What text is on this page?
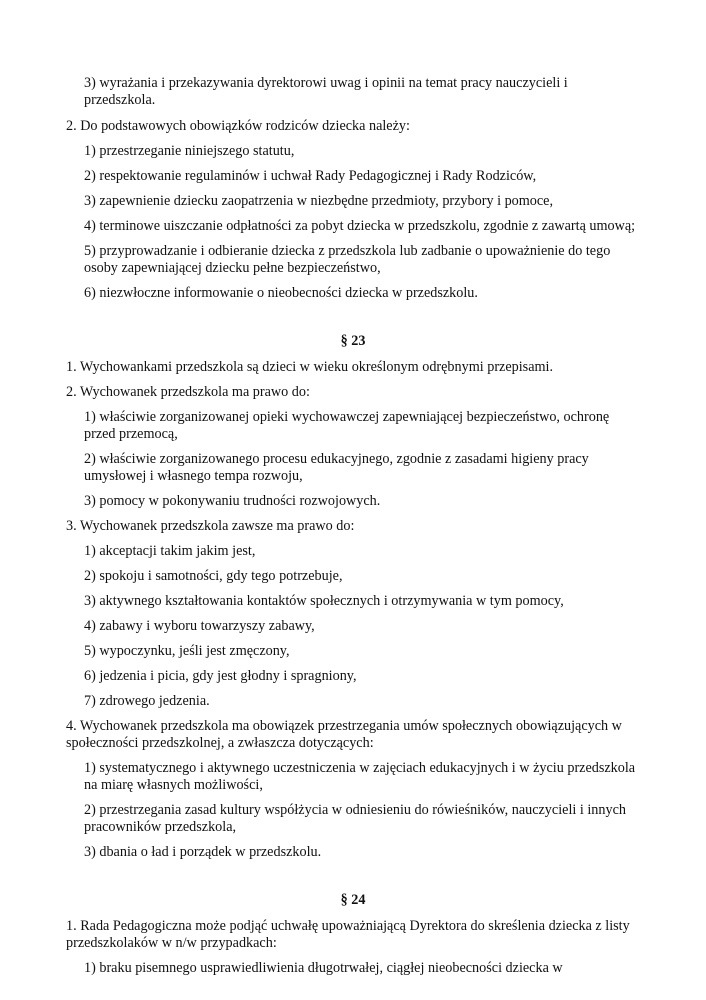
3) wyrażania i przekazywania dyrektorowi uwag i opinii na temat pracy nauczycieli i

przedszkola.

2. Do podstawowych obowiązków rodziców dziecka należy:

1) przestrzeganie niniejszego statutu,

2) respektowanie regulaminów i uchwał Rady Pedagogicznej i Rady Rodziców,

3) zapewnienie dziecku zaopatrzenia w niezbędne przedmioty, przybory i pomoce,

4) terminowe uiszczanie odpłatności za pobyt dziecka w przedszkolu, zgodnie z zawartą umową;

5) przyprowadzanie i odbieranie dziecka z przedszkola lub zadbanie o upoważnienie do tego

osoby zapewniającej dziecku pełne bezpieczeństwo,

6) niezwłoczne informowanie o nieobecności dziecka w przedszkolu.

§ 23

1. Wychowankami przedszkola są dzieci w wieku określonym odrębnymi przepisami.

2. Wychowanek przedszkola ma prawo do:

1) właściwie zorganizowanej opieki wychowawczej zapewniającej bezpieczeństwo, ochronę

przed przemocą,

2) właściwie zorganizowanego procesu edukacyjnego, zgodnie z zasadami higieny pracy

umysłowej i własnego tempa rozwoju,

3) pomocy w pokonywaniu trudności rozwojowych.

3. Wychowanek przedszkola zawsze ma prawo do:

1) akceptacji takim jakim jest,

2) spokoju i samotności, gdy tego potrzebuje,

3) aktywnego kształtowania kontaktów społecznych i otrzymywania w tym pomocy,

4) zabawy i wyboru towarzyszy zabawy,

5) wypoczynku, jeśli jest zmęczony,

6) jedzenia i picia, gdy jest głodny i spragniony,

7) zdrowego jedzenia.

4. Wychowanek przedszkola ma obowiązek przestrzegania umów społecznych obowiązujących w

społeczności przedszkolnej, a zwłaszcza dotyczących:

1) systematycznego i aktywnego uczestniczenia w zajęciach edukacyjnych i w życiu przedszkola

na miarę własnych możliwości,

2) przestrzegania zasad kultury współżycia w odniesieniu do rówieśników, nauczycieli i innych

pracowników przedszkola,

3) dbania o ład i porządek w przedszkolu.

§ 24

1. Rada Pedagogiczna może podjąć uchwałę upoważniającą Dyrektora do skreślenia dziecka z listy

przedszkolaków w n/w przypadkach:

1) braku pisemnego usprawiedliwienia długotrwałej, ciągłej nieobecności dziecka w
